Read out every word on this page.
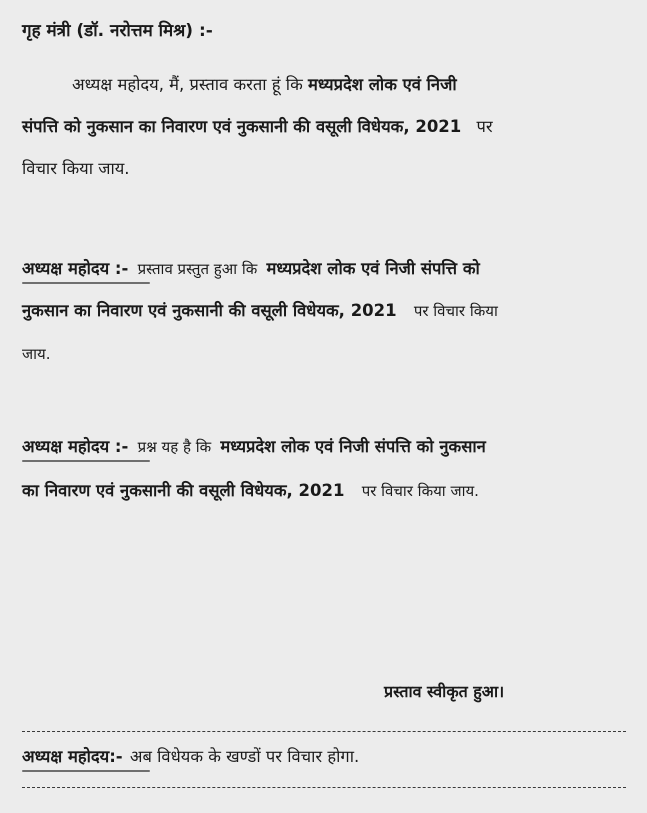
गृह मंत्री (डॉ. नरोत्तम मिश्र) :-
अध्यक्ष महोदय, मैं, प्रस्ताव करता हूं कि मध्यप्रदेश लोक एवं निजी
संपत्ति को नुकसान का निवारण एवं नुकसानी की वसूली विधेयक, 2021 पर
विचार किया जाय.
अध्यक्ष महोदय :- प्रस्ताव प्रस्तुत हुआ कि मध्यप्रदेश लोक एवं निजी संपत्ति को
नुकसान का निवारण एवं नुकसानी की वसूली विधेयक, 2021 पर विचार किया
जाय.
अध्यक्ष महोदय :- प्रश्न यह है कि मध्यप्रदेश लोक एवं निजी संपत्ति को नुकसान
का निवारण एवं नुकसानी की वसूली विधेयक, 2021 पर विचार किया जाय.
प्रस्ताव स्वीकृत हुआ।
अध्यक्ष महोदय:- अब विधेयक के खण्डों पर विचार होगा.
